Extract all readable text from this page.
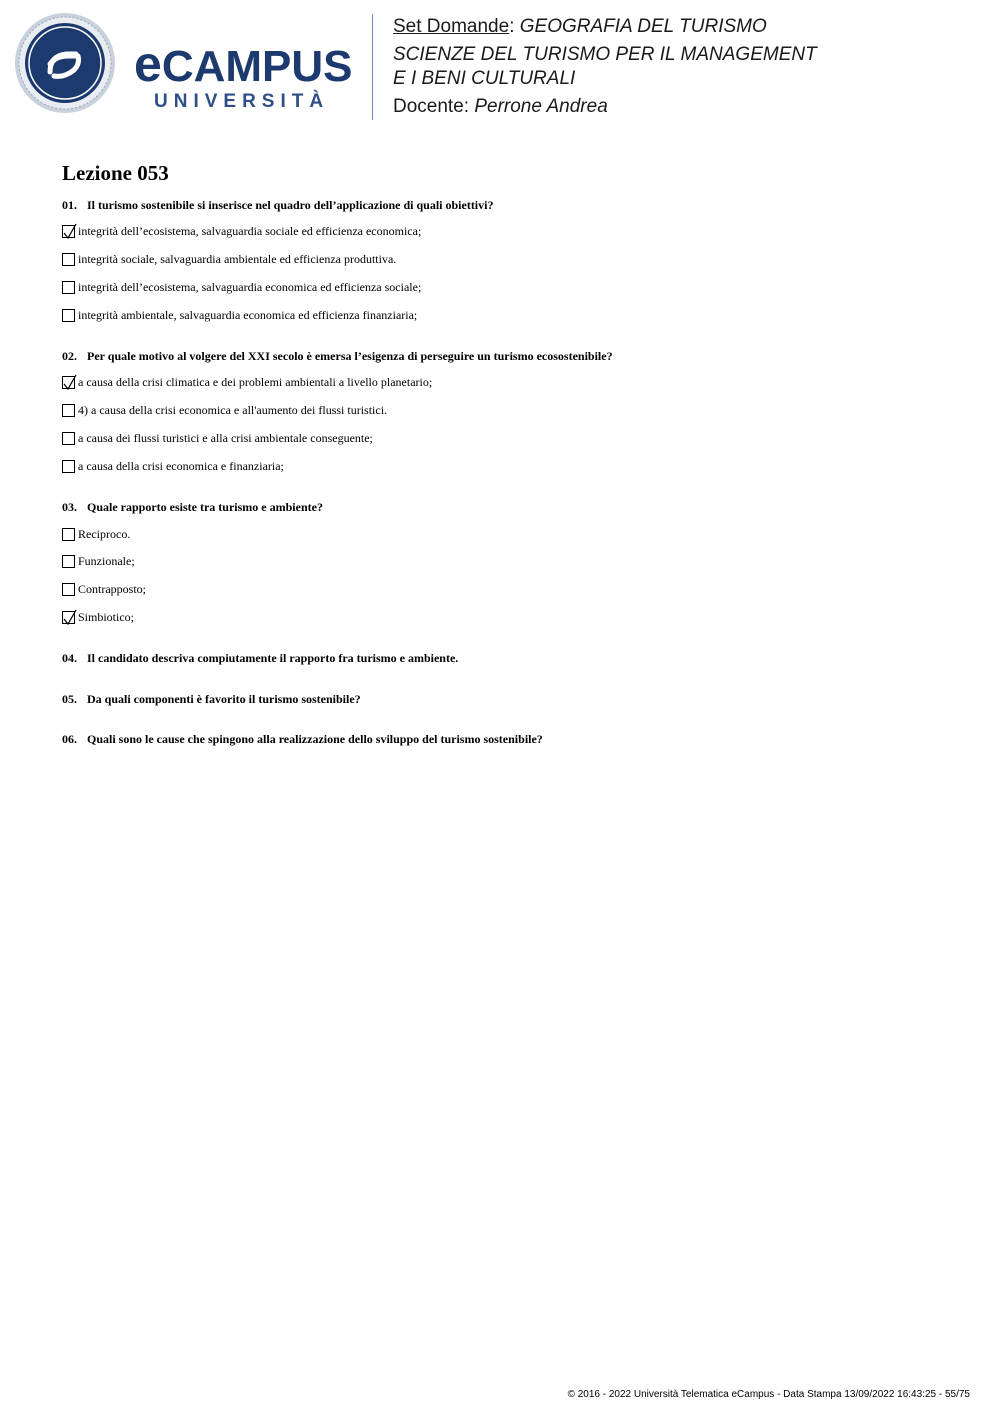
eCAMPUS
UNIVERSITÀ
Set Domande: GEOGRAFIA DEL TURISMO
SCIENZE DEL TURISMO PER IL MANAGEMENT
E I BENI CULTURALI
Docente: Perrone Andrea
Lezione 053
01. Il turismo sostenibile si inserisce nel quadro dell’applicazione di quali obiettivi?
integrità dell’ecosistema, salvaguardia sociale ed efficienza economica;
integrità sociale, salvaguardia ambientale ed efficienza produttiva.
integrità dell’ecosistema, salvaguardia economica ed efficienza sociale;
integrità ambientale, salvaguardia economica ed efficienza finanziaria;
02. Per quale motivo al volgere del XXI secolo è emersa l’esigenza di perseguire un turismo ecosostenibile?
a causa della crisi climatica e dei problemi ambientali a livello planetario;
4) a causa della crisi economica e all'aumento dei flussi turistici.
a causa dei flussi turistici e alla crisi ambientale conseguente;
a causa della crisi economica e finanziaria;
03. Quale rapporto esiste tra turismo e ambiente?
Reciproco.
Funzionale;
Contrapposto;
Simbiotico;
04. Il candidato descriva compiutamente il rapporto fra turismo e ambiente.
05. Da quali componenti è favorito il turismo sostenibile?
06. Quali sono le cause che spingono alla realizzazione dello sviluppo del turismo sostenibile?
© 2016 - 2022 Università Telematica eCampus - Data Stampa 13/09/2022 16:43:25 - 55/75
